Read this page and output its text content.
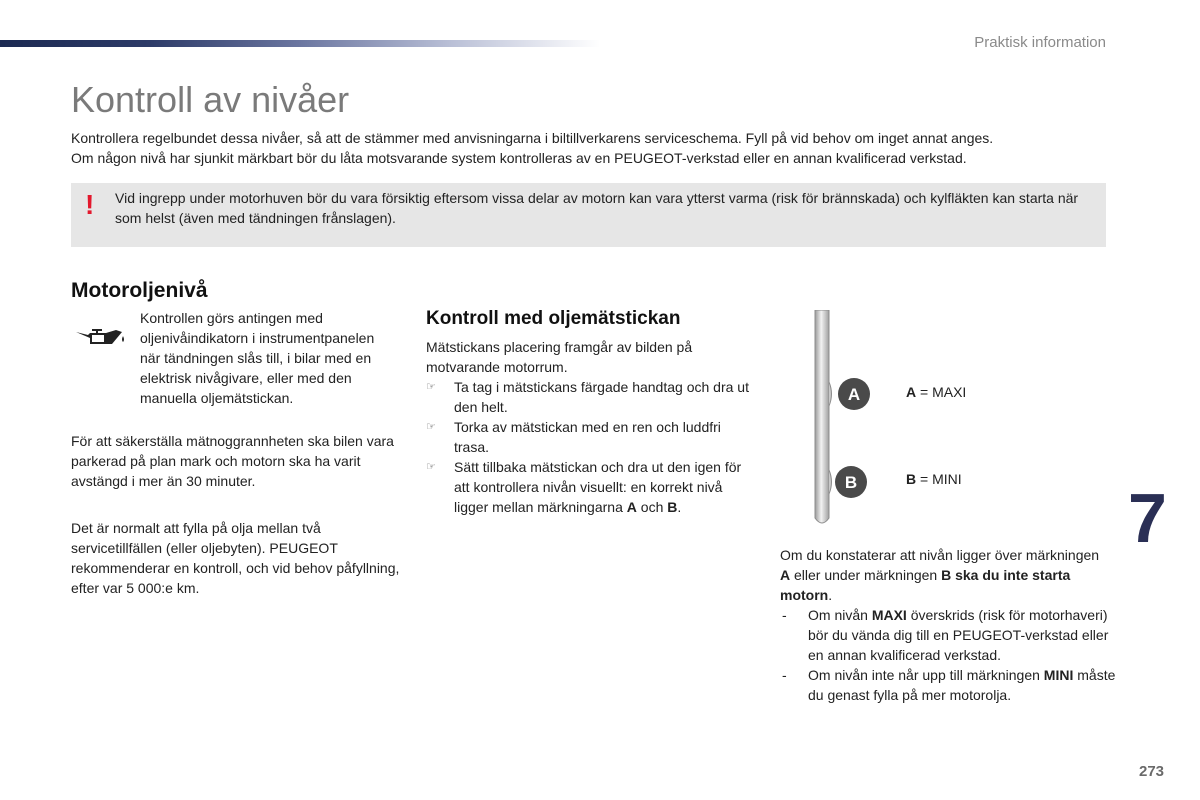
Praktisk information
Kontroll av nivåer

Kontrollera regelbundet dessa nivåer, så att de stämmer med anvisningarna i biltillverkarens serviceschema. Fyll på vid behov om inget annat anges.

Om någon nivå har sjunkit märkbart bör du låta motsvarande system kontrolleras av en PEUGEOT-verkstad eller en annan kvalificerad verkstad.

! Vid ingrepp under motorhuven bör du vara försiktig eftersom vissa delar av motorn kan vara ytterst varma (risk för brännskada) och kylfläkten kan starta när som helst (även med tändningen frånslagen).
Motoroljenivå
Kontrollen görs antingen med oljenivåindikatorn i instrumentpanelen när tändningen slås till, i bilar med en elektrisk nivågivare, eller med den manuella oljemätstickan.
För att säkerställa mätnoggrannheten ska bilen vara parkerad på plan mark och motorn ska ha varit avstängd i mer än 30 minuter.
Det är normalt att fylla på olja mellan två servicetillfällen (eller oljebyten). PEUGEOT rekommenderar en kontroll, och vid behov påfyllning, efter var 5 000:e km.
Kontroll med oljemätstickan
Mätstickans placering framgår av bilden på motvarande motorrum.
☞ Ta tag i mätstickans färgade handtag och dra ut den helt.
☞ Torka av mätstickan med en ren och luddfri trasa.
☞ Sätt tillbaka mätstickan och dra ut den igen för att kontrollera nivån visuellt: en korrekt nivå ligger mellan märkningarna A och B.
A
B
A = MAXI
B = MINI
Om du konstaterar att nivån ligger över märkningen A eller under märkningen B ska du inte starta motorn.
- Om nivån MAXI överskrids (risk för motorhaveri) bör du vända dig till en PEUGEOT-verkstad eller en annan kvalificerad verkstad.
- Om nivån inte når upp till märkningen MINI måste du genast fylla på mer motorolja.
7
273
